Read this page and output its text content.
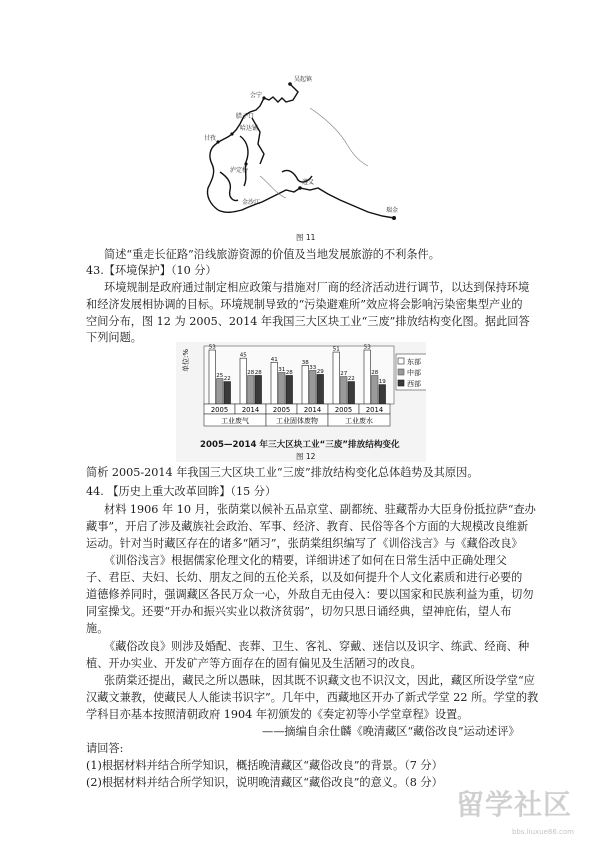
吴起镇
会宁
腊子口
哈达铺
甘孜
泸定桥
遵义
金沙江
瑞金
图 11
简述“重走长征路”沿线旅游资源的价值及当地发展旅游的不利条件。
43.【环境保护】（10 分）
环境规制是政府通过制定相应政策与措施对厂商的经济活动进行调节，以达到保持环境
和经济发展相协调的目标。环境规制导致的“污染避难所”效应将会影响污染密集型产业的
空间分布，图 12 为 2005、2014 年我国三大区块工业“三废”排放结构变化图。据此回答
下列问题。
53
25
22
45
28 28
41
31
28
38
33
29
51
27
22
53
28
19
单位:%	东部
中部
西部
2005 2014 2005 2014 2005 2014
工业废气	工业固体废物	工业废水
2005—2014 年三大区块工业“三废”排放结构变化
图 12
简析 2005-2014 年我国三大区块工业“三废”排放结构变化总体趋势及其原因。
44. 【历史上重大改革回眸】（15 分）
材料 1906 年 10 月，张荫棠以候补五品京堂、副都统、驻藏帮办大臣身份抵拉萨“查办
藏事”，开启了涉及藏族社会政治、军事、经济、教育、民俗等各个方面的大规模改良维新
运动。针对当时藏区存在的诸多“陋习”，张荫棠组织编写了《训俗浅言》与《藏俗改良》
《训俗浅言》根据儒家伦理文化的精要，详细讲述了如何在日常生活中正确处理父
子、君臣、夫妇、长幼、朋友之间的五伦关系，以及如何提升个人文化素质和进行必要的
道德修养同时，强调藏区各民万众一心，外敌自无由侵入：要以国家和民族利益为重，切勿
同室操戈。还要“开办和振兴实业以救济贫弱”，切勿只思日诵经典，望神庇佑，望人布
施。
《藏俗改良》则涉及婚配、丧葬、卫生、客礼、穿戴、迷信以及识字、练武、经商、种
植、开办实业、开发矿产等方面存在的固有偏见及生活陋习的改良。
张荫棠还提出，藏民之所以愚昧，因其既不识藏文也不识汉文，因此，藏区所设学堂“应
汉藏文兼教，使藏民人人能读书识字”。几年中，西藏地区开办了新式学堂 22 所。学堂的教
学科目亦基本按照清朝政府 1904 年初颁发的《奏定初等小学堂章程》设置。
——摘编自余仕麟《晚清藏区“藏俗改良”运动述评》
请回答:
(1)根据材料并结合所学知识，概括晚清藏区“藏俗改良”的背景。（7 分）
(2)根据材料并结合所学知识，说明晚清藏区“藏俗改良”的意义。（8 分）
留学社区
bbs.liuxue86.com
